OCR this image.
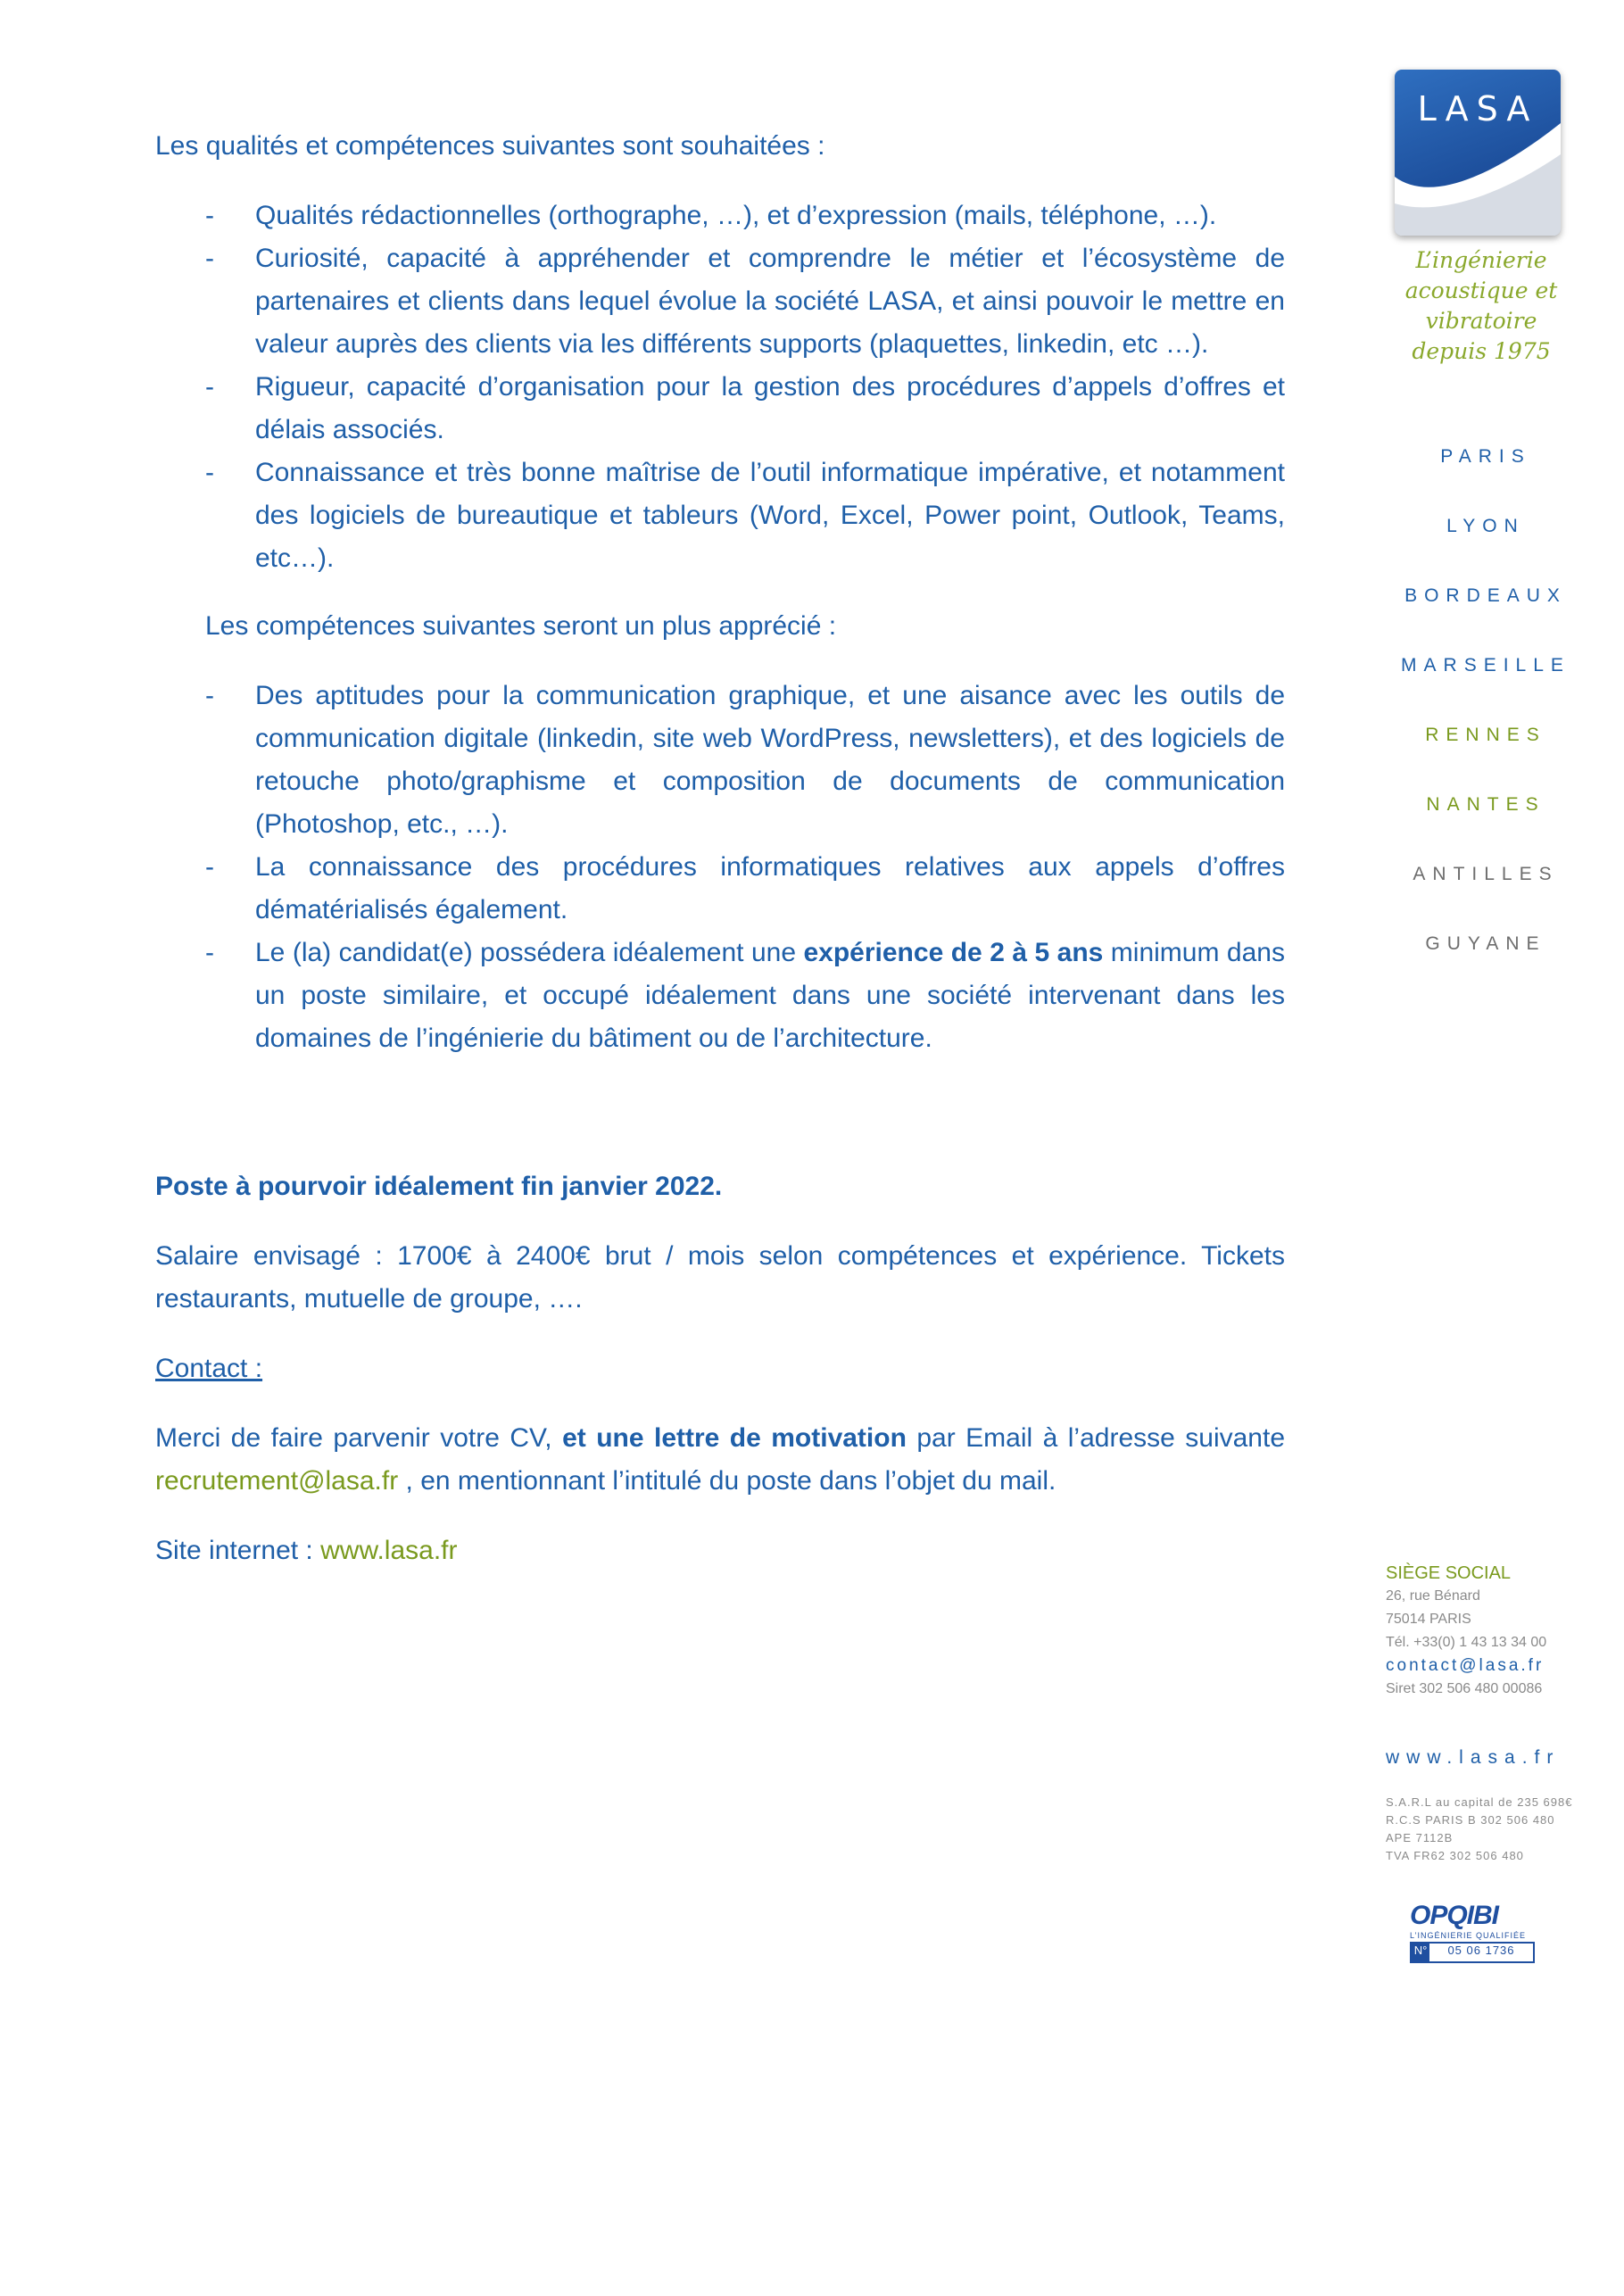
Les qualités et compétences suivantes sont souhaitées :

- Qualités rédactionnelles (orthographe, …), et d’expression (mails, téléphone, …).
- Curiosité, capacité à appréhender et comprendre le métier et l’écosystème de partenaires et clients dans lequel évolue la société LASA, et ainsi pouvoir le mettre en valeur auprès des clients via les différents supports (plaquettes, linkedin, etc …).
- Rigueur, capacité d’organisation pour la gestion des procédures d’appels d’offres et délais associés.
- Connaissance et très bonne maîtrise de l’outil informatique impérative, et notamment des logiciels de bureautique et tableurs (Word, Excel, Power point, Outlook, Teams, etc…).

Les compétences suivantes seront un plus apprécié :

- Des aptitudes pour la communication graphique, et une aisance avec les outils de communication digitale (linkedin, site web WordPress, newsletters), et des logiciels de retouche photo/graphisme et composition de documents de communication (Photoshop, etc., …).
- La connaissance des procédures informatiques relatives aux appels d’offres dématérialisés également.
- Le (la) candidat(e) possédera idéalement une expérience de 2 à 5 ans minimum dans un poste similaire, et occupé idéalement dans une société intervenant dans les domaines de l’ingénierie du bâtiment ou de l’architecture.

Poste à pourvoir idéalement fin janvier 2022.

Salaire envisagé : 1700€ à 2400€ brut / mois selon compétences et expérience. Tickets restaurants, mutuelle de groupe, ….

Contact :

Merci de faire parvenir votre CV, et une lettre de motivation par Email à l’adresse suivante recrutement@lasa.fr , en mentionnant l’intitulé du poste dans l’objet du mail.

Site internet : www.lasa.fr

LASA
L’ingénierie
acoustique et vibratoire
depuis 1975
PARIS
LYON
BORDEAUX
MARSEILLE
RENNES
NANTES
ANTILLES
GUYANE
SIÈGE SOCIAL
26, rue Bénard
75014 PARIS
Tél. +33(0) 1 43 13 34 00
contact@lasa.fr
Siret 302 506 480 00086
www.lasa.fr
S.A.R.L au capital de 235 698€
R.C.S PARIS B 302 506 480
APE 7112B
TVA FR62 302 506 480
OPQIBI
L’INGÉNIERIE QUALIFIÉE
N°	05 06 1736
